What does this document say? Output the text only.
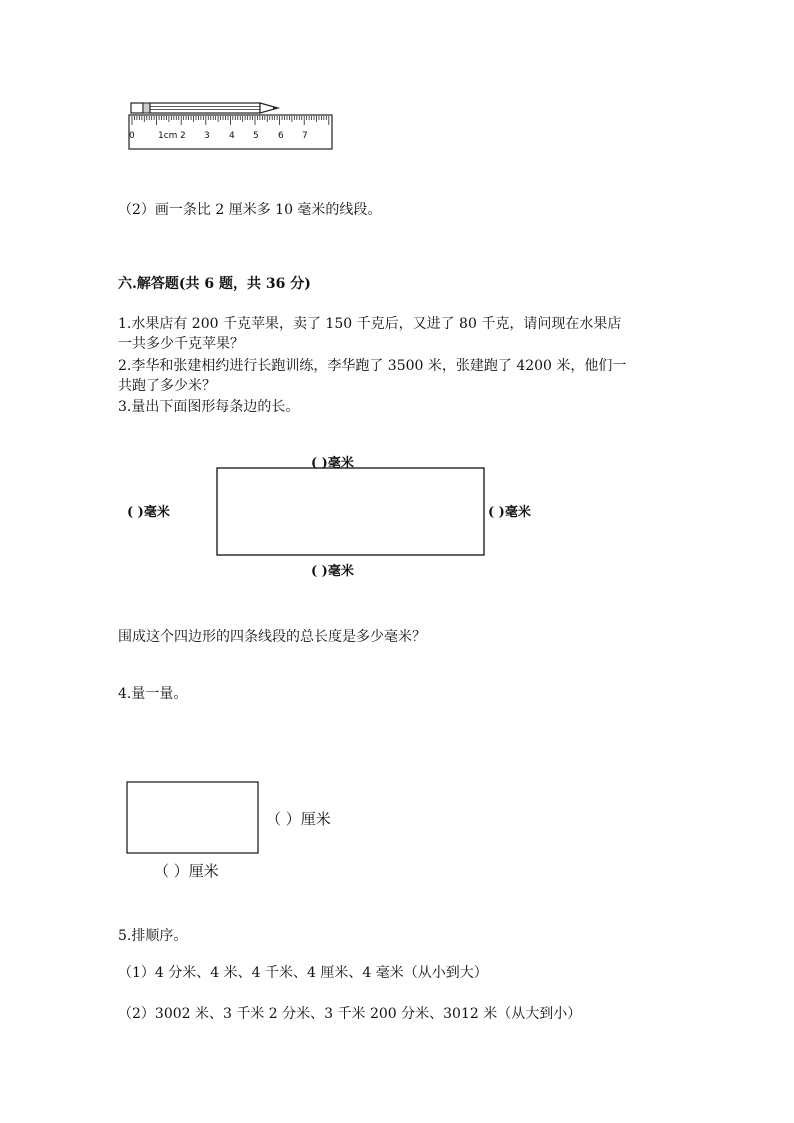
0	1cm 2 3 4 5 6 7
（2）画一条比 2 厘米多 10 毫米的线段。
六.解答题(共 6 题，共 36 分)
1.水果店有 200 千克苹果，卖了 150 千克后，又进了 80 千克，请问现在水果店
一共多少千克苹果？
2.李华和张建相约进行长跑训练，李华跑了 3500 米，张建跑了 4200 米，他们一
共跑了多少米？
3.量出下面图形每条边的长。
( )毫米
( )毫米	( )毫米
( )毫米
围成这个四边形的四条线段的总长度是多少毫米？
4.量一量。
（ ）厘米
（ ）厘米
5.排顺序。
（1）4 分米、4 米、4 千米、4 厘米、4 毫米（从小到大）
（2）3002 米、3 千米 2 分米、3 千米 200 分米、3012 米（从大到小）
